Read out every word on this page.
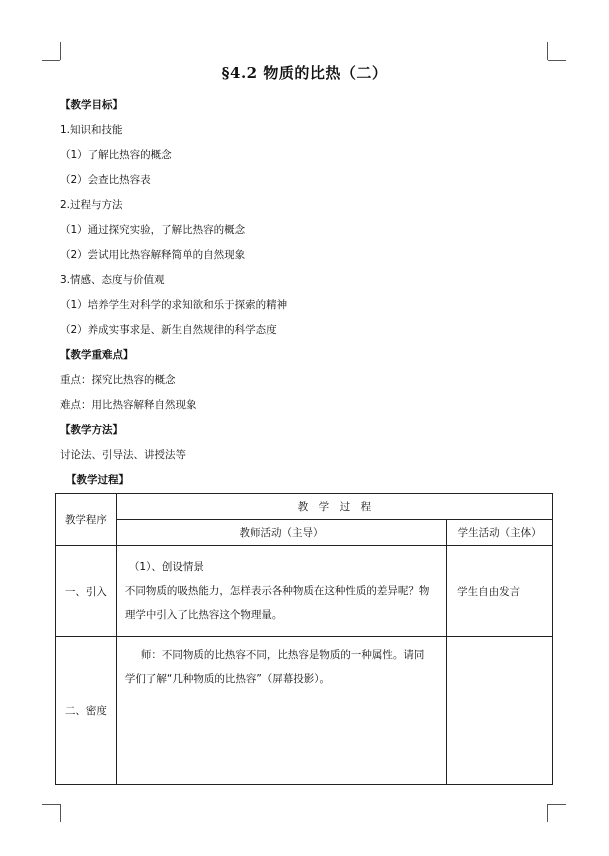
§4.2 物质的比热（二）
【教学目标】
1.知识和技能
（1）了解比热容的概念
（2）会查比热容表
2.过程与方法
（1）通过探究实验，了解比热容的概念
（2）尝试用比热容解释简单的自然现象
3.情感、态度与价值观
（1）培养学生对科学的求知欲和乐于探索的精神
（2）养成实事求是、新生自然规律的科学态度
【教学重难点】
重点：探究比热容的概念
难点：用比热容解释自然现象
【教学方法】
讨论法、引导法、讲授法等
【教学过程】
教学程序	教　学　过　程	
	教师活动（主导）	学生活动（主体）
一、引入	（1）、创设情景
不同物质的吸热能力，怎样表示各种物质在这种性质的差异呢？物
理学中引入了比热容这个物理量。	学生自由发言
二、密度	师：不同物质的比热容不同，比热容是物质的一种属性。请同
学们了解“几种物质的比热容”（屏幕投影）。	
